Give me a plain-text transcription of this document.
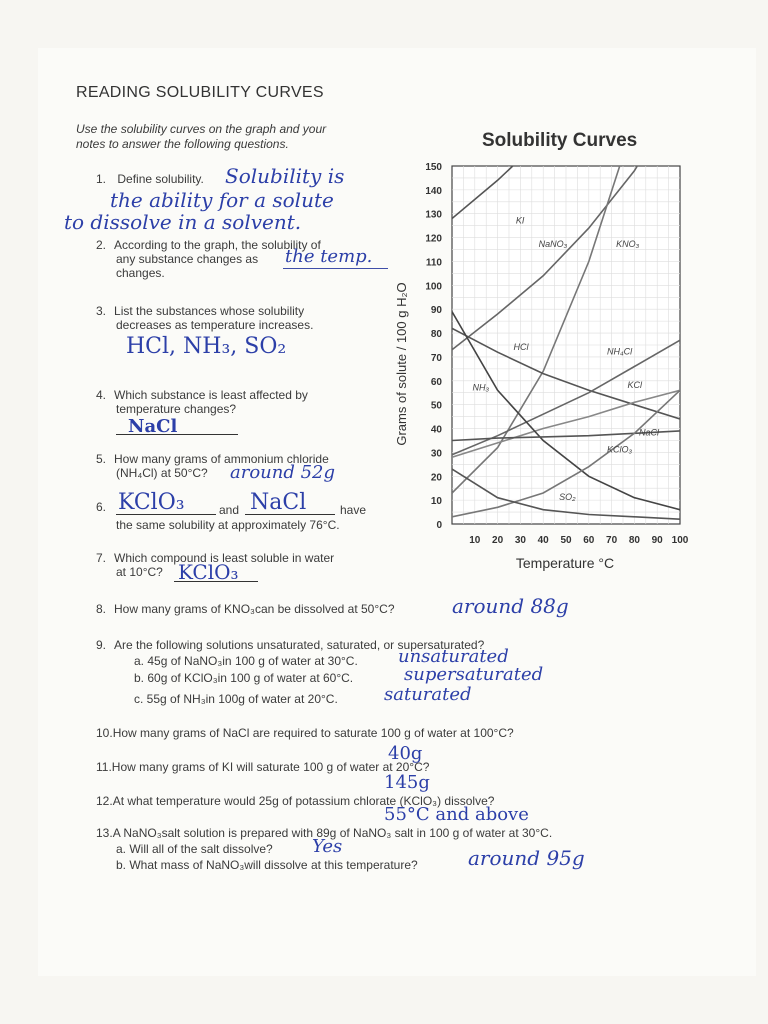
READING SOLUBILITY CURVES
Use the solubility curves on the graph and your
notes to answer the following questions.
1. Define solubility. Solubility is
the ability for a solute
to dissolve in a solvent.
2. According to the graph, the solubility of
any substance changes as
changes.
the temp.
3. List the substances whose solubility
decreases as temperature increases.
HCl, NH₃, SO₂
4. Which substance is least affected by
temperature changes?
NaCl
5. How many grams of ammonium chloride
(NH₄Cl) at 50°C?	around 52g
6. KClO₃	and NaCl	have
the same solubility at approximately 76°C.
7. Which compound is least soluble in water
at 10°C? KClO₃
8. How many grams of KNO₃can be dissolved at 50°C?	around 88g
9. Are the following solutions unsaturated, saturated, or supersaturated?
a. 45g of NaNO₃in 100 g of water at 30°C. unsaturated
b. 60g of KClO₃in 100 g of water at 60°C.	supersaturated
c. 55g of NH₃in 100g of water at 20°C.	saturated
10.How many grams of NaCl are required to saturate 100 g of water at 100°C?
40g
11.How many grams of KI will saturate 100 g of water at 20°C?
145g
12.At what temperature would 25g of potassium chlorate (KClO₃) dissolve?
55°C and above
13.A NaNO₃salt solution is prepared with 89g of NaNO₃ salt in 100 g of water at 30°C.
a. Will all of the salt dissolve? Yes
b. What mass of NaNO₃will dissolve at this temperature?	around 95g
Solubility Curves
Temperature °C
Grams of solute / 100 g H₂O
0
10
20
30
40
50
60
70
80
90
100
110
120
130
140
150
10 20 30 40 50 60 70 80 90 100
KI
NaNO₃	KNO₃
HCl	NH₄Cl
KCl
NH₃
NaCl
KClO₃
SO₂
